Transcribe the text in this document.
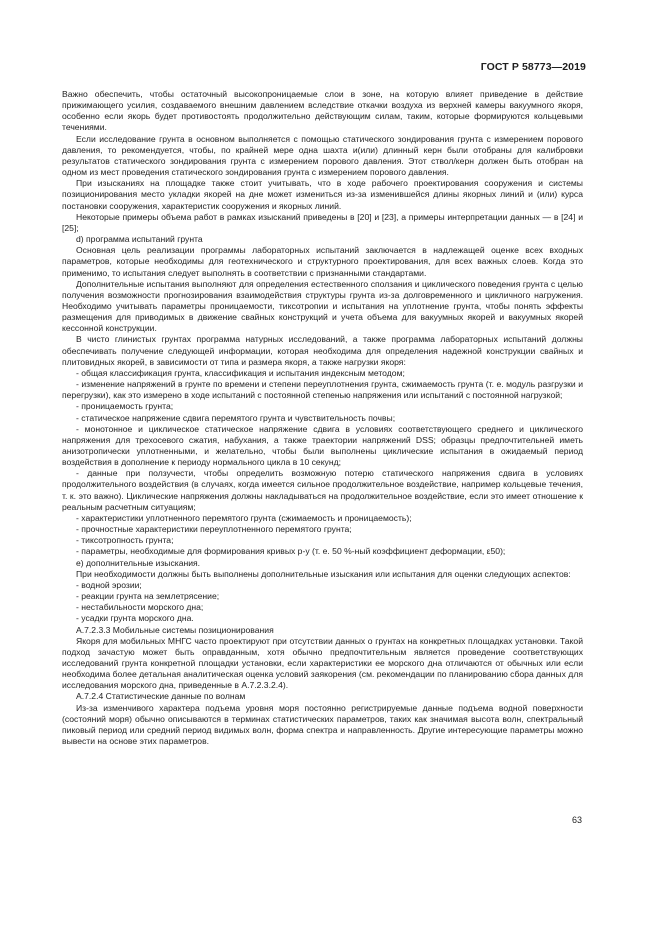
ГОСТ Р 58773—2019

Важно обеспечить, чтобы остаточный высокопроницаемые слои в зоне, на которую влияет приведение в действие прижимающего усилия, создаваемого внешним давлением вследствие откачки воздуха из верхней камеры вакуумного якоря, особенно если якорь будет противостоять продолжительно действующим силам, таким, которые формируются кольцевыми течениями.

Если исследование грунта в основном выполняется с помощью статического зондирования грунта с измерением порового давления, то рекомендуется, чтобы, по крайней мере одна шахта и(или) длинный керн были отобраны для калибровки результатов статического зондирования грунта с измерением порового давления. Этот ствол/керн должен быть отобран на одном из мест проведения статического зондирования грунта с измерением порового давления.

При изысканиях на площадке также стоит учитывать, что в ходе рабочего проектирования сооружения и системы позиционирования место укладки якорей на дне может измениться из-за изменившейся длины якорных линий и (или) курса постановки сооружения, характеристик сооружения и якорных линий.

Некоторые примеры объема работ в рамках изысканий приведены в [20] и [23], а примеры интерпретации данных — в [24] и [25];

d) программа испытаний грунта

Основная цель реализации программы лабораторных испытаний заключается в надлежащей оценке всех входных параметров, которые необходимы для геотехнического и структурного проектирования, для всех важных слоев. Когда это применимо, то испытания следует выполнять в соответствии с признанными стандартами.

Дополнительные испытания выполняют для определения естественного сползания и циклического поведения грунта с целью получения возможности прогнозирования взаимодействия структуры грунта из-за долговременного и цикличного нагружения. Необходимо учитывать параметры проницаемости, тиксотропии и испытания на уплотнение грунта, чтобы понять эффекты размещения для приводимых в движение свайных конструкций и учета объема для вакуумных якорей и вакуумных якорей кессонной конструкции.

В чисто глинистых грунтах программа натурных исследований, а также программа лабораторных испытаний должны обеспечивать получение следующей информации, которая необходима для определения надежной конструкции свайных и плитовидных якорей, в зависимости от типа и размера якоря, а также нагрузки якоря:

- общая классификация грунта, классификация и испытания индексным методом;

- изменение напряжений в грунте по времени и степени переуплотнения грунта, сжимаемость грунта (т. е. модуль разгрузки и перегрузки), как это измерено в ходе испытаний с постоянной степенью напряжения или испытаний с постоянной нагрузкой;

- проницаемость грунта;

- статическое напряжение сдвига перемятого грунта и чувствительность почвы;

- монотонное и циклическое статическое напряжение сдвига в условиях соответствующего среднего и циклического напряжения для трехосевого сжатия, набухания, а также траектории напряжений DSS; образцы предпочтительней иметь анизотропически уплотненными, и желательно, чтобы были выполнены циклические испытания в ожидаемый период воздействия в дополнение к периоду нормального цикла в 10 секунд;

- данные при ползучести, чтобы определить возможную потерю статического напряжения сдвига в условиях продолжительного воздействия (в случаях, когда имеется сильное продолжительное воздействие, например кольцевые течения, т. к. это важно). Циклические напряжения должны накладываться на продолжительное воздействие, если это имеет отношение к реальным расчетным ситуациям;

- характеристики уплотненного перемятого грунта (сжимаемость и проницаемость);

- прочностные характеристики переуплотненного перемятого грунта;

- тиксотропность грунта;

- параметры, необходимые для формирования кривых p-y (т. е. 50 %-ный коэффициент деформации, ε50);

е) дополнительные изыскания.

При необходимости должны быть выполнены дополнительные изыскания или испытания для оценки следующих аспектов:

- водной эрозии;

- реакции грунта на землетрясение;

- нестабильности морского дна;

- усадки грунта морского дна.

А.7.2.3.3 Мобильные системы позиционирования

Якоря для мобильных МНГС часто проектируют при отсутствии данных о грунтах на конкретных площадках установки. Такой подход зачастую может быть оправданным, хотя обычно предпочтительным является проведение соответствующих исследований грунта конкретной площадки установки, если характеристики ее морского дна отличаются от обычных или если необходима более детальная аналитическая оценка условий заякорения (см. рекомендации по планированию сбора данных для исследования морского дна, приведенные в А.7.2.3.2.4).

А.7.2.4 Статистические данные по волнам

Из-за изменчивого характера подъема уровня моря постоянно регистрируемые данные подъема водной поверхности (состояний моря) обычно описываются в терминах статистических параметров, таких как значимая высота волн, спектральный пиковый период или средний период видимых волн, форма спектра и направленность. Другие интересующие параметры можно вывести на основе этих параметров.

63
